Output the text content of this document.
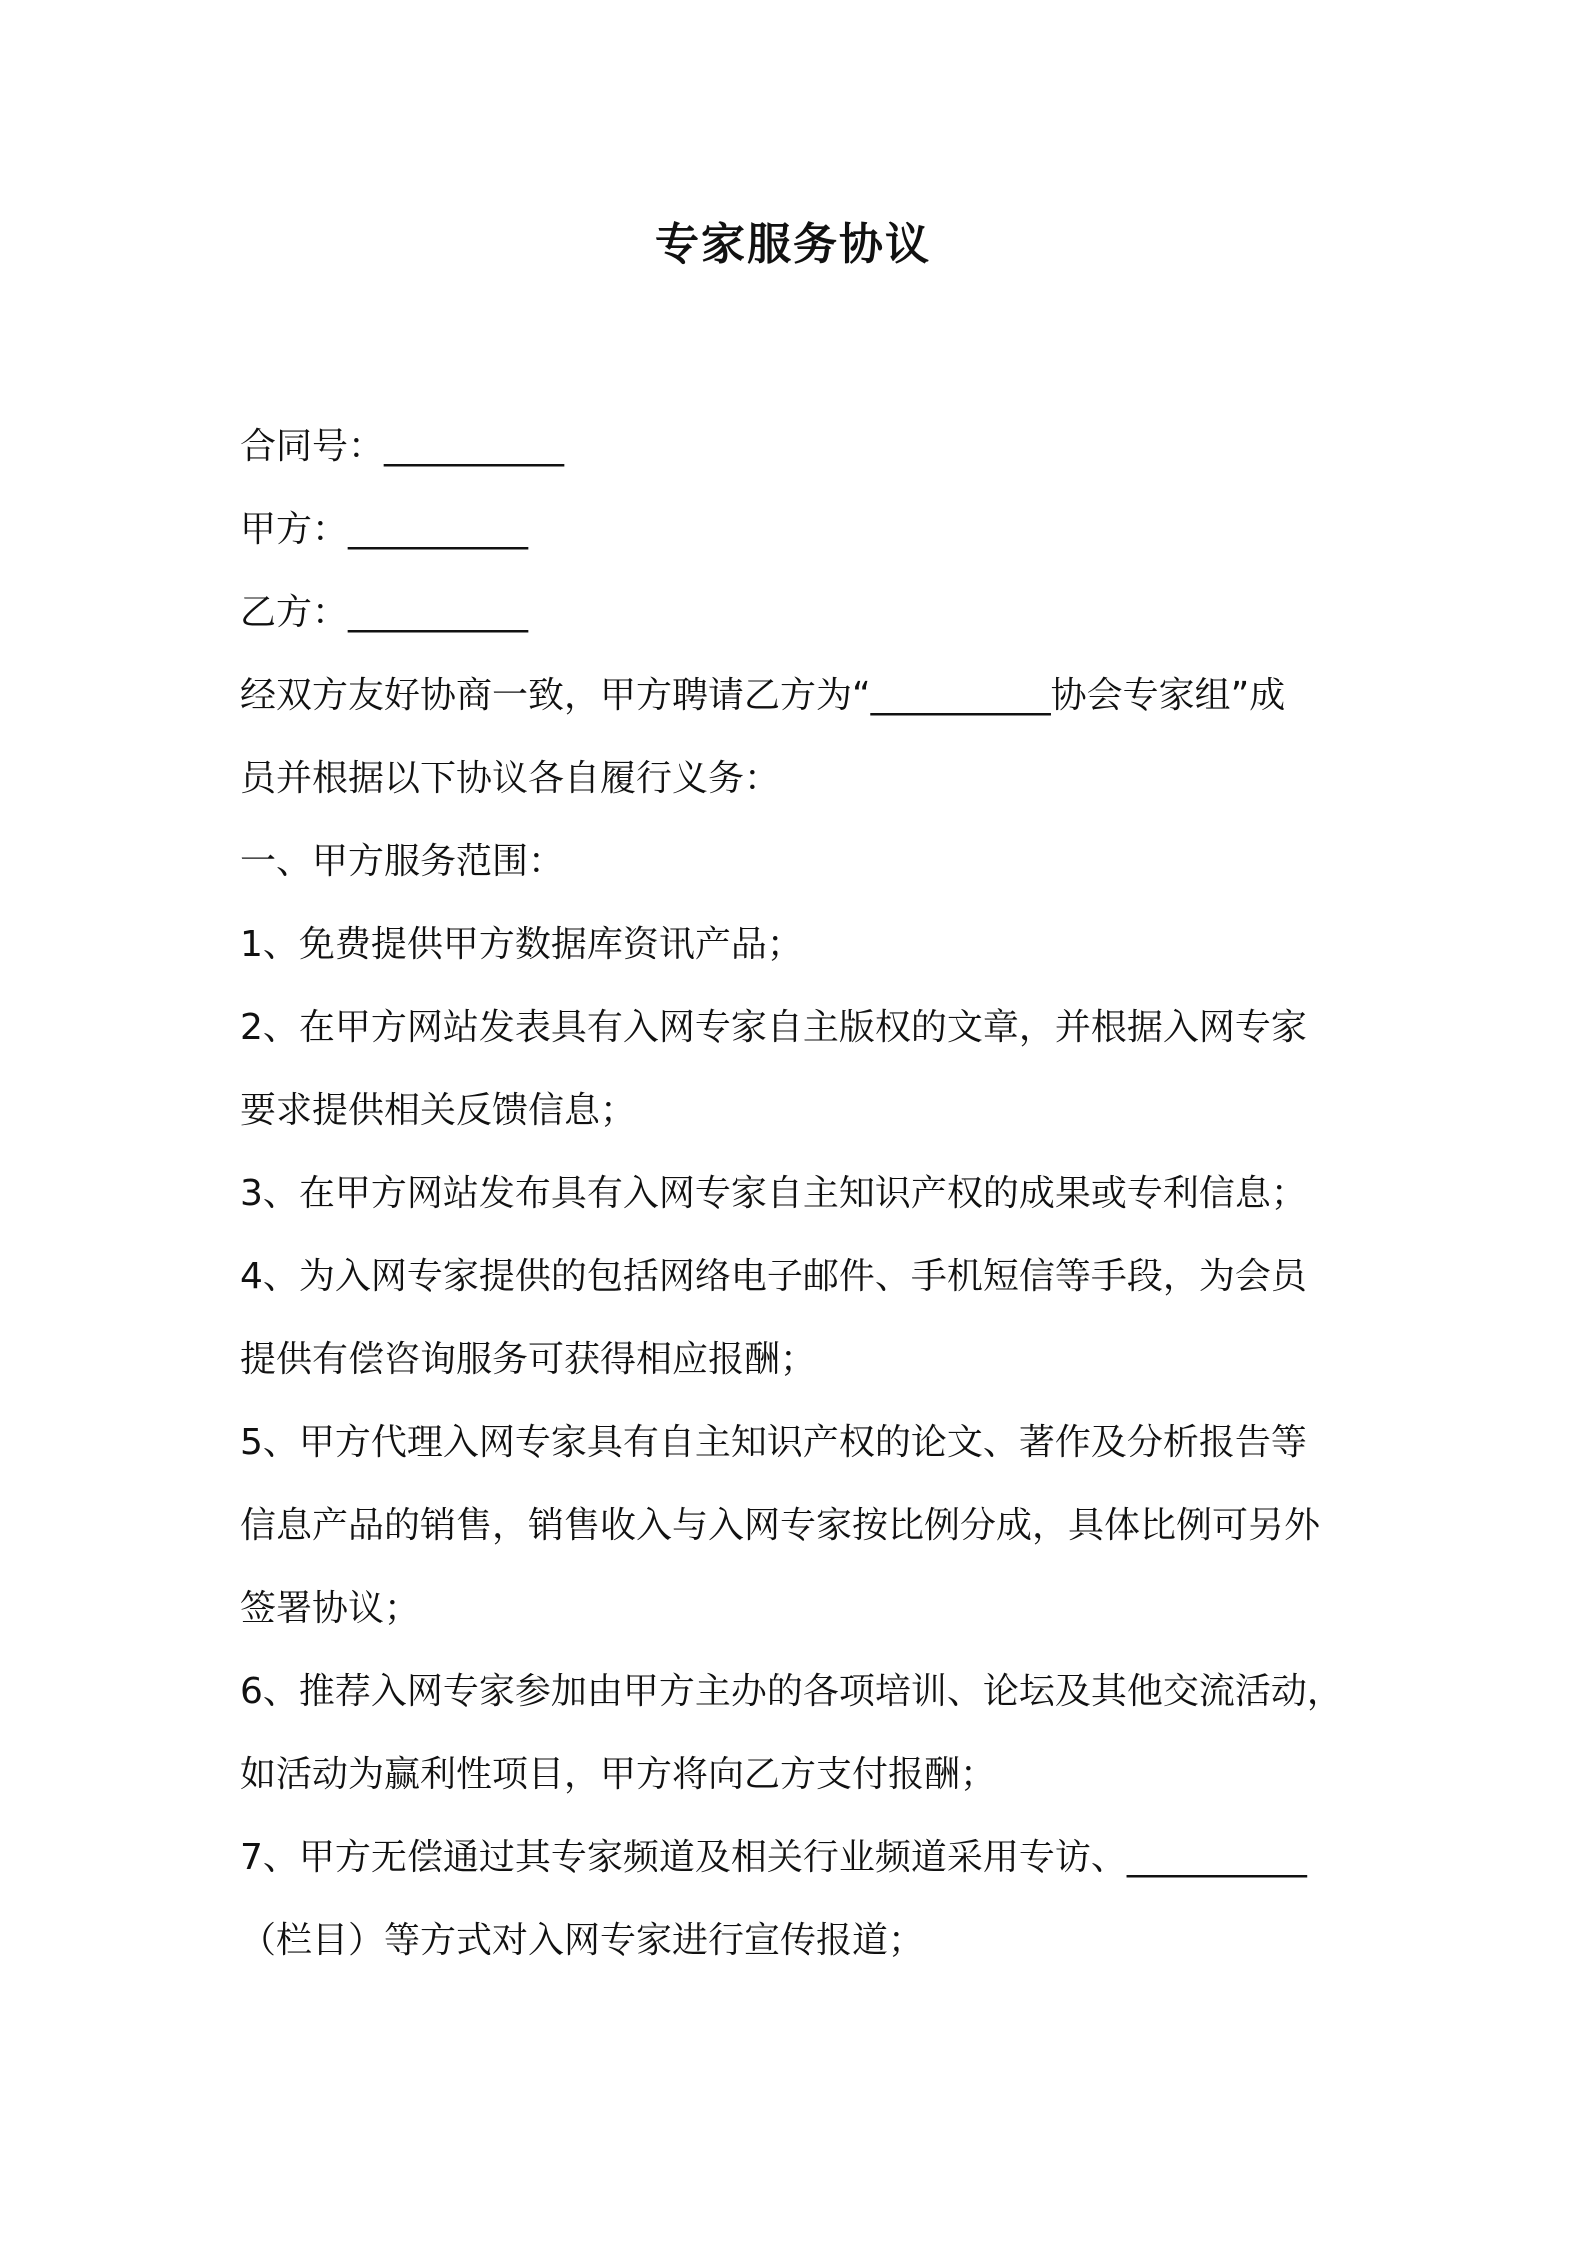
专家服务协议
合同号：__________
甲方：__________
乙方：__________
经双方友好协商一致，甲方聘请乙方为“__________协会专家组”成
员并根据以下协议各自履行义务：
一、甲方服务范围：
1、免费提供甲方数据库资讯产品；
2、在甲方网站发表具有入网专家自主版权的文章，并根据入网专家
要求提供相关反馈信息；
3、在甲方网站发布具有入网专家自主知识产权的成果或专利信息；
4、为入网专家提供的包括网络电子邮件、手机短信等手段，为会员
提供有偿咨询服务可获得相应报酬；
5、甲方代理入网专家具有自主知识产权的论文、著作及分析报告等
信息产品的销售，销售收入与入网专家按比例分成，具体比例可另外
签署协议；
6、推荐入网专家参加由甲方主办的各项培训、论坛及其他交流活动，
如活动为赢利性项目，甲方将向乙方支付报酬；
7、甲方无偿通过其专家频道及相关行业频道采用专访、__________
（栏目）等方式对入网专家进行宣传报道；
